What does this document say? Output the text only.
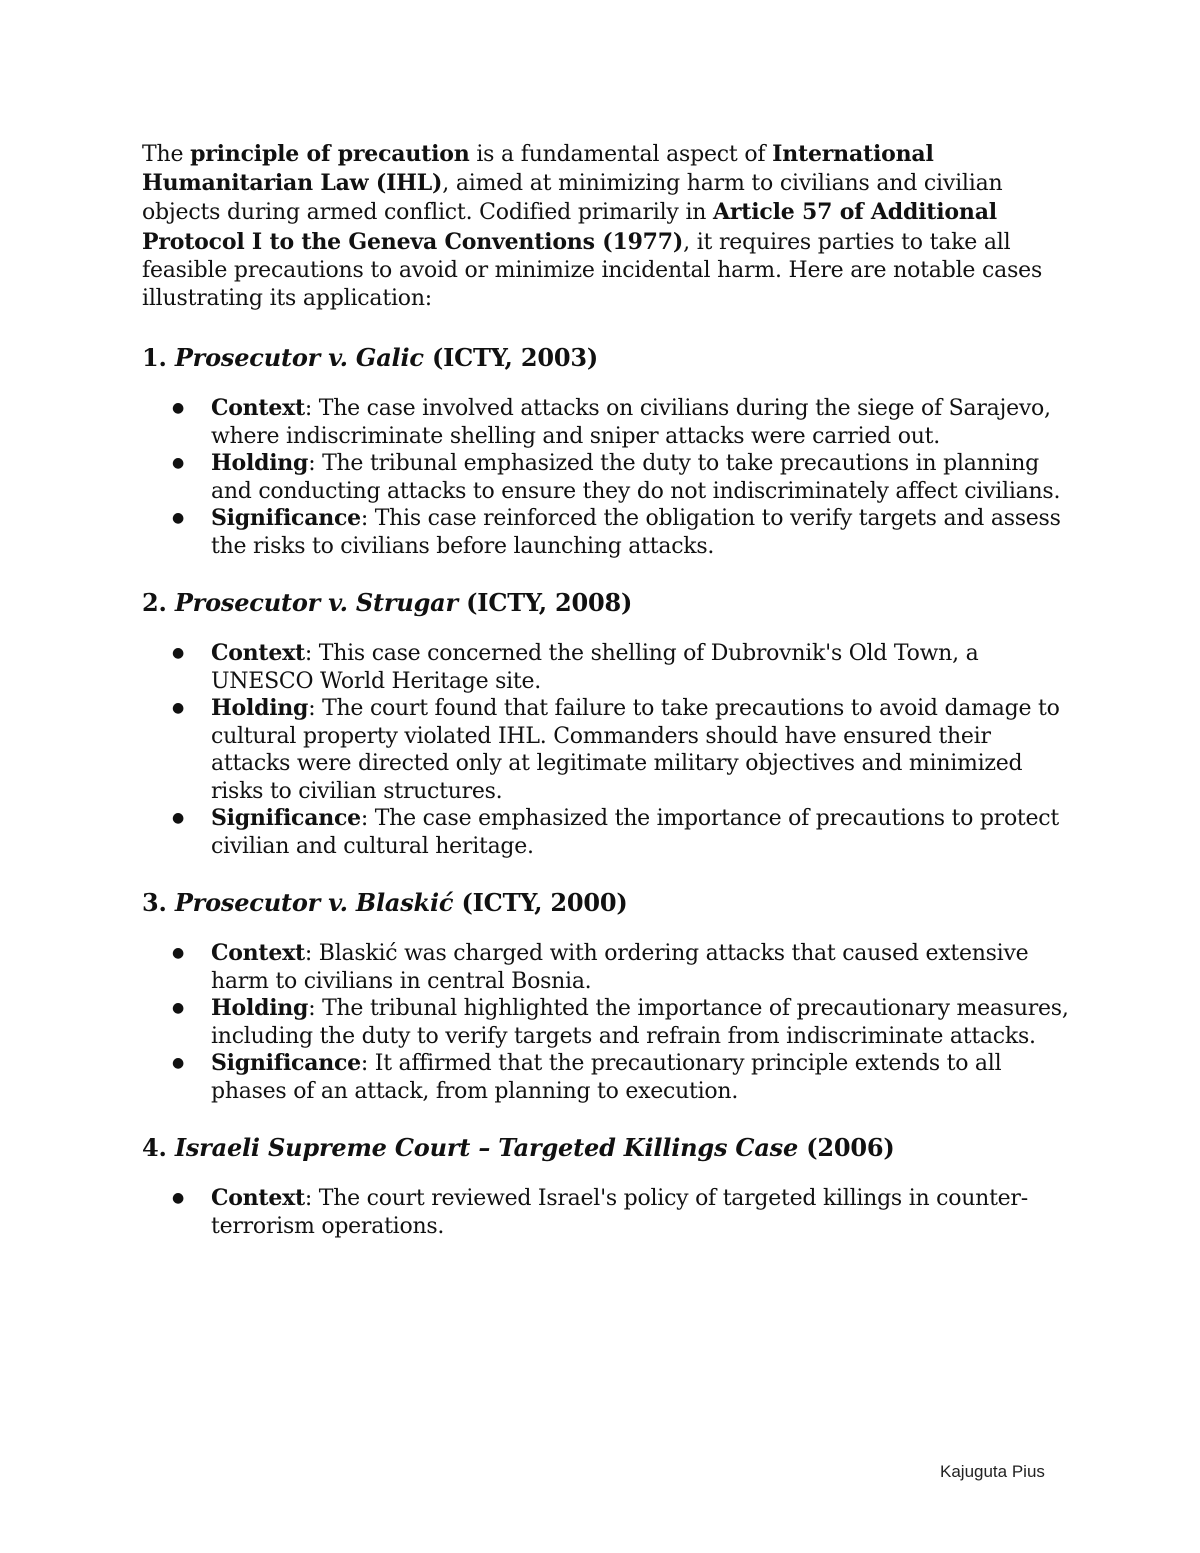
The principle of precaution is a fundamental aspect of International Humanitarian Law (IHL), aimed at minimizing harm to civilians and civilian objects during armed conflict. Codified primarily in Article 57 of Additional Protocol I to the Geneva Conventions (1977), it requires parties to take all feasible precautions to avoid or minimize incidental harm. Here are notable cases illustrating its application:

1. Prosecutor v. Galic (ICTY, 2003)
● Context: The case involved attacks on civilians during the siege of Sarajevo, where indiscriminate shelling and sniper attacks were carried out.
● Holding: The tribunal emphasized the duty to take precautions in planning and conducting attacks to ensure they do not indiscriminately affect civilians.
● Significance: This case reinforced the obligation to verify targets and assess the risks to civilians before launching attacks.
2. Prosecutor v. Strugar (ICTY, 2008)
● Context: This case concerned the shelling of Dubrovnik's Old Town, a UNESCO World Heritage site.
● Holding: The court found that failure to take precautions to avoid damage to cultural property violated IHL. Commanders should have ensured their attacks were directed only at legitimate military objectives and minimized risks to civilian structures.
● Significance: The case emphasized the importance of precautions to protect civilian and cultural heritage.
3. Prosecutor v. Blaskić (ICTY, 2000)
● Context: Blaskić was charged with ordering attacks that caused extensive harm to civilians in central Bosnia.
● Holding: The tribunal highlighted the importance of precautionary measures, including the duty to verify targets and refrain from indiscriminate attacks.
● Significance: It affirmed that the precautionary principle extends to all phases of an attack, from planning to execution.
4. Israeli Supreme Court – Targeted Killings Case (2006)
● Context: The court reviewed Israel's policy of targeted killings in counter-terrorism operations.
Kajuguta Pius
